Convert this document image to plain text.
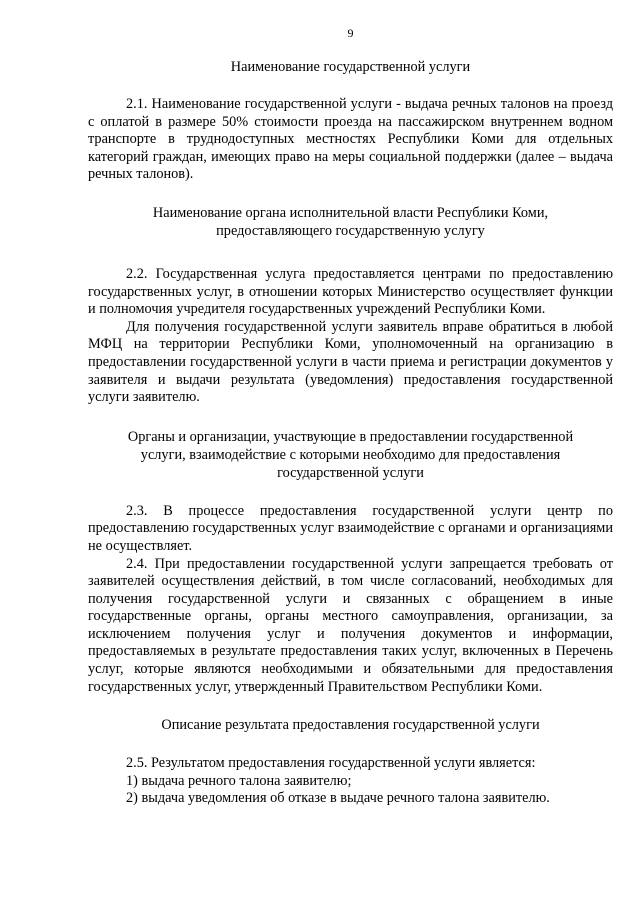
9

Наименование государственной услуги

2.1. Наименование государственной услуги - выдача речных талонов на проезд с оплатой в размере 50% стоимости проезда на пассажирском внутреннем водном транспорте в труднодоступных местностях Республики Коми для отдельных категорий граждан, имеющих право на меры социальной поддержки (далее – выдача речных талонов).

Наименование органа исполнительной власти Республики Коми,

предоставляющего государственную услугу

2.2. Государственная услуга предоставляется центрами по предоставлению государственных услуг, в отношении которых Министерство осуществляет функции и полномочия учредителя государственных учреждений Республики Коми.

Для получения государственной услуги заявитель вправе обратиться в любой МФЦ на территории Республики Коми, уполномоченный на организацию в предоставлении государственной услуги в части приема и регистрации документов у заявителя и выдачи результата (уведомления) предоставления государственной услуги заявителю.

Органы и организации, участвующие в предоставлении государственной

услуги, взаимодействие с которыми необходимо для предоставления

государственной услуги

2.3. В процессе предоставления государственной услуги центр по предоставлению государственных услуг взаимодействие с органами и организациями не осуществляет.

2.4. При предоставлении государственной услуги запрещается требовать от заявителей осуществления действий, в том числе согласований, необходимых для получения государственной услуги и связанных с обращением в иные государственные органы, органы местного самоуправления, организации, за исключением получения услуг и получения документов и информации, предоставляемых в результате предоставления таких услуг, включенных в Перечень услуг, которые являются необходимыми и обязательными для предоставления государственных услуг, утвержденный Правительством Республики Коми.

Описание результата предоставления государственной услуги

2.5. Результатом предоставления государственной услуги является:

1) выдача речного талона заявителю;

2) выдача уведомления об отказе в выдаче речного талона заявителю.
